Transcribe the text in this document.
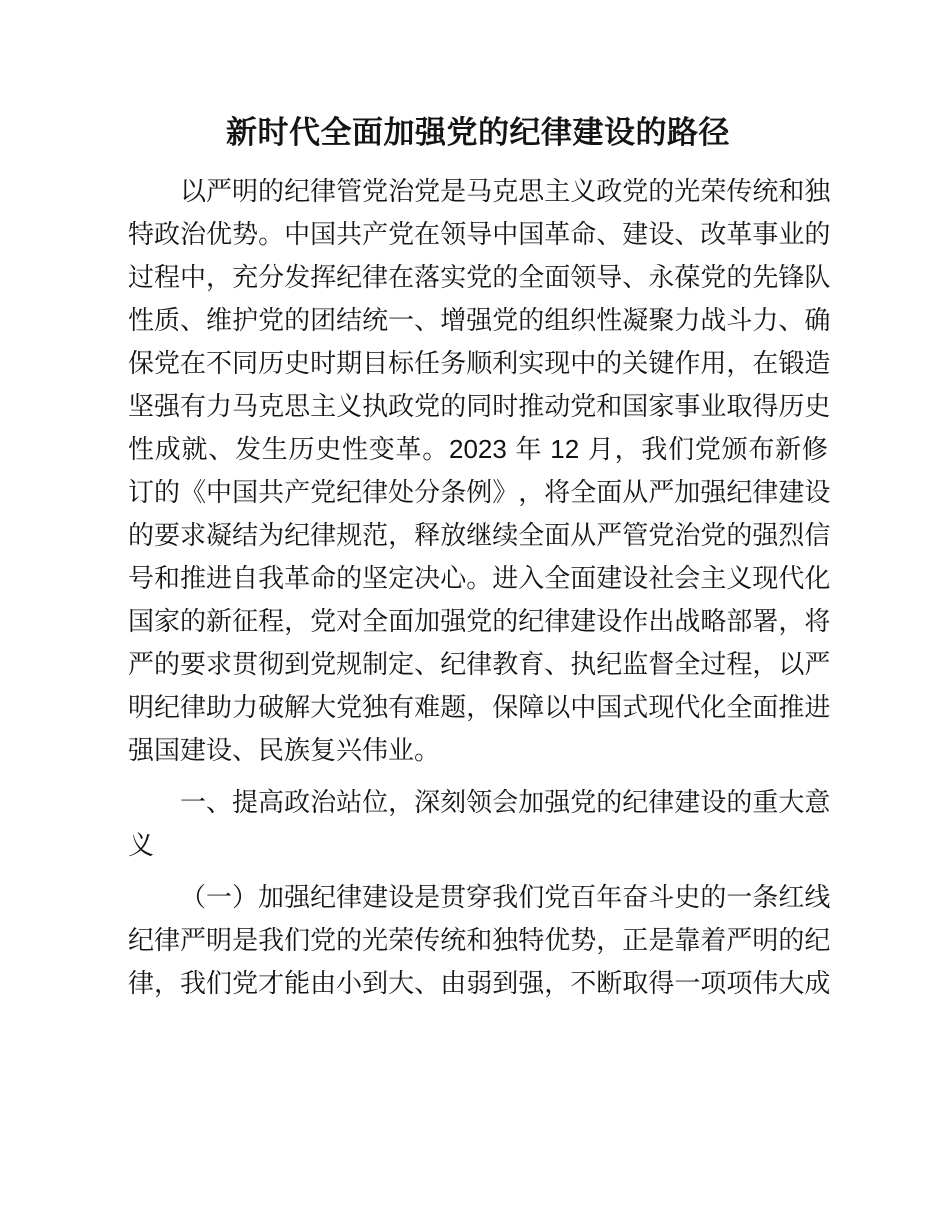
新时代全面加强党的纪律建设的路径
以 严 明 的 纪 律 管 党 治 党 是 马 克 思 主 义 政 党 的 光 荣 传 统 和 独
特 政 治 优 势 。 中 国 共 产 党 在 领 导 中 国 革 命 、 建 设 、 改 革 事 业 的
过 程 中 ， 充 分 发 挥 纪 律 在 落 实 党 的 全 面 领 导 、 永 葆 党 的 先 锋 队
性 质 、 维 护 党 的 团 结 统 一 、 增 强 党 的 组 织 性 凝 聚 力 战 斗 力 、 确
保 党 在 不 同 历 史 时 期 目 标 任 务 顺 利 实 现 中 的 关 键 作 用 ， 在 锻 造
坚 强 有 力 马 克 思 主 义 执 政 党 的 同 时 推 动 党 和 国 家 事 业 取 得 历 史
性 成 就 、 发 生 历 史 性 变 革 。 2023
年
12
月 ， 我 们 党 颁 布 新 修
订 的 《 中 国 共 产 党 纪 律 处 分 条 例 》 ， 将 全 面 从 严 加 强 纪 律 建 设
的 要 求 凝 结 为 纪 律 规 范 ， 释 放 继 续 全 面 从 严 管 党 治 党 的 强 烈 信
号 和 推 进 自 我 革 命 的 坚 定 决 心 。 进 入 全 面 建 设 社 会 主 义 现 代 化
国 家 的 新 征 程 ， 党 对 全 面 加 强 党 的 纪 律 建 设 作 出 战 略 部 署 ， 将
严 的 要 求 贯 彻 到 党 规 制 定 、 纪 律 教 育 、 执 纪 监 督 全 过 程 ， 以 严
明 纪 律 助 力 破 解 大 党 独 有 难 题 ， 保 障 以 中 国 式 现 代 化 全 面 推 进
强国建设、民族复兴伟业。
一 、 提 高 政 治 站 位 ， 深 刻 领 会 加 强 党 的 纪 律 建 设 的 重 大 意
义
（ 一 ） 加 强 纪 律 建 设 是 贯 穿 我 们 党 百 年 奋 斗 史 的 一 条 红 线
纪 律 严 明 是 我 们 党 的 光 荣 传 统 和 独 特 优 势 ， 正 是 靠 着 严 明 的 纪
律 ， 我 们 党 才 能 由 小 到 大 、 由 弱 到 强 ， 不 断 取 得 一 项 项 伟 大 成
